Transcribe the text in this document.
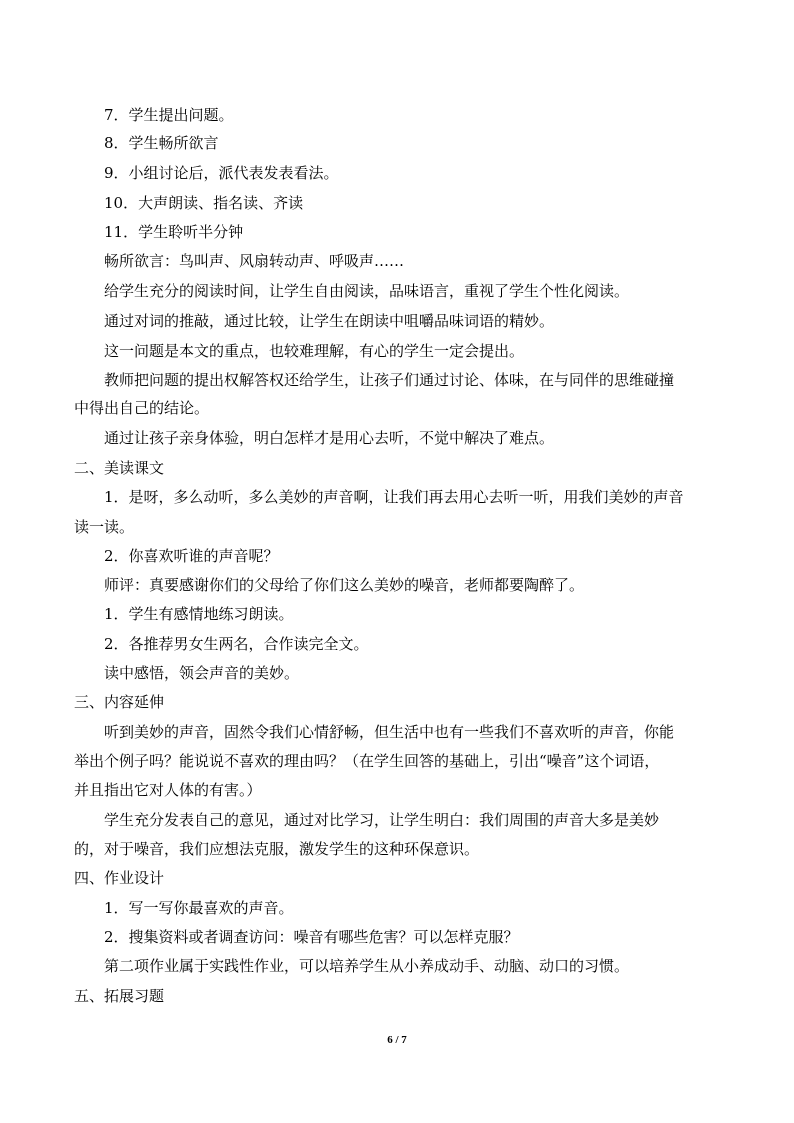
7．学生提出问题。
8．学生畅所欲言
9．小组讨论后，派代表发表看法。
10．大声朗读、指名读、齐读
11．学生聆听半分钟
畅所欲言：鸟叫声、风扇转动声、呼吸声……
给学生充分的阅读时间，让学生自由阅读，品味语言，重视了学生个性化阅读。
通过对词的推敲，通过比较，让学生在朗读中咀嚼品味词语的精妙。
这一问题是本文的重点，也较难理解，有心的学生一定会提出。
教师把问题的提出权解答权还给学生，让孩子们通过讨论、体味，在与同伴的思维碰撞
中得出自己的结论。
通过让孩子亲身体验，明白怎样才是用心去听，不觉中解决了难点。
二、美读课文
1．是呀，多么动听，多么美妙的声音啊，让我们再去用心去听一听，用我们美妙的声音
读一读。
2．你喜欢听谁的声音呢？
师评：真要感谢你们的父母给了你们这么美妙的噪音，老师都要陶醉了。
1．学生有感情地练习朗读。
2．各推荐男女生两名，合作读完全文。
读中感悟，领会声音的美妙。
三、内容延伸
听到美妙的声音，固然令我们心情舒畅，但生活中也有一些我们不喜欢听的声音，你能
举出个例子吗？能说说不喜欢的理由吗？（在学生回答的基础上，引出“噪音”这个词语，
并且指出它对人体的有害。）
学生充分发表自己的意见，通过对比学习，让学生明白：我们周围的声音大多是美妙
的，对于噪音，我们应想法克服，激发学生的这种环保意识。
四、作业设计
1．写一写你最喜欢的声音。
2．搜集资料或者调查访问：噪音有哪些危害？可以怎样克服？
第二项作业属于实践性作业，可以培养学生从小养成动手、动脑、动口的习惯。
五、拓展习题
6 / 7
